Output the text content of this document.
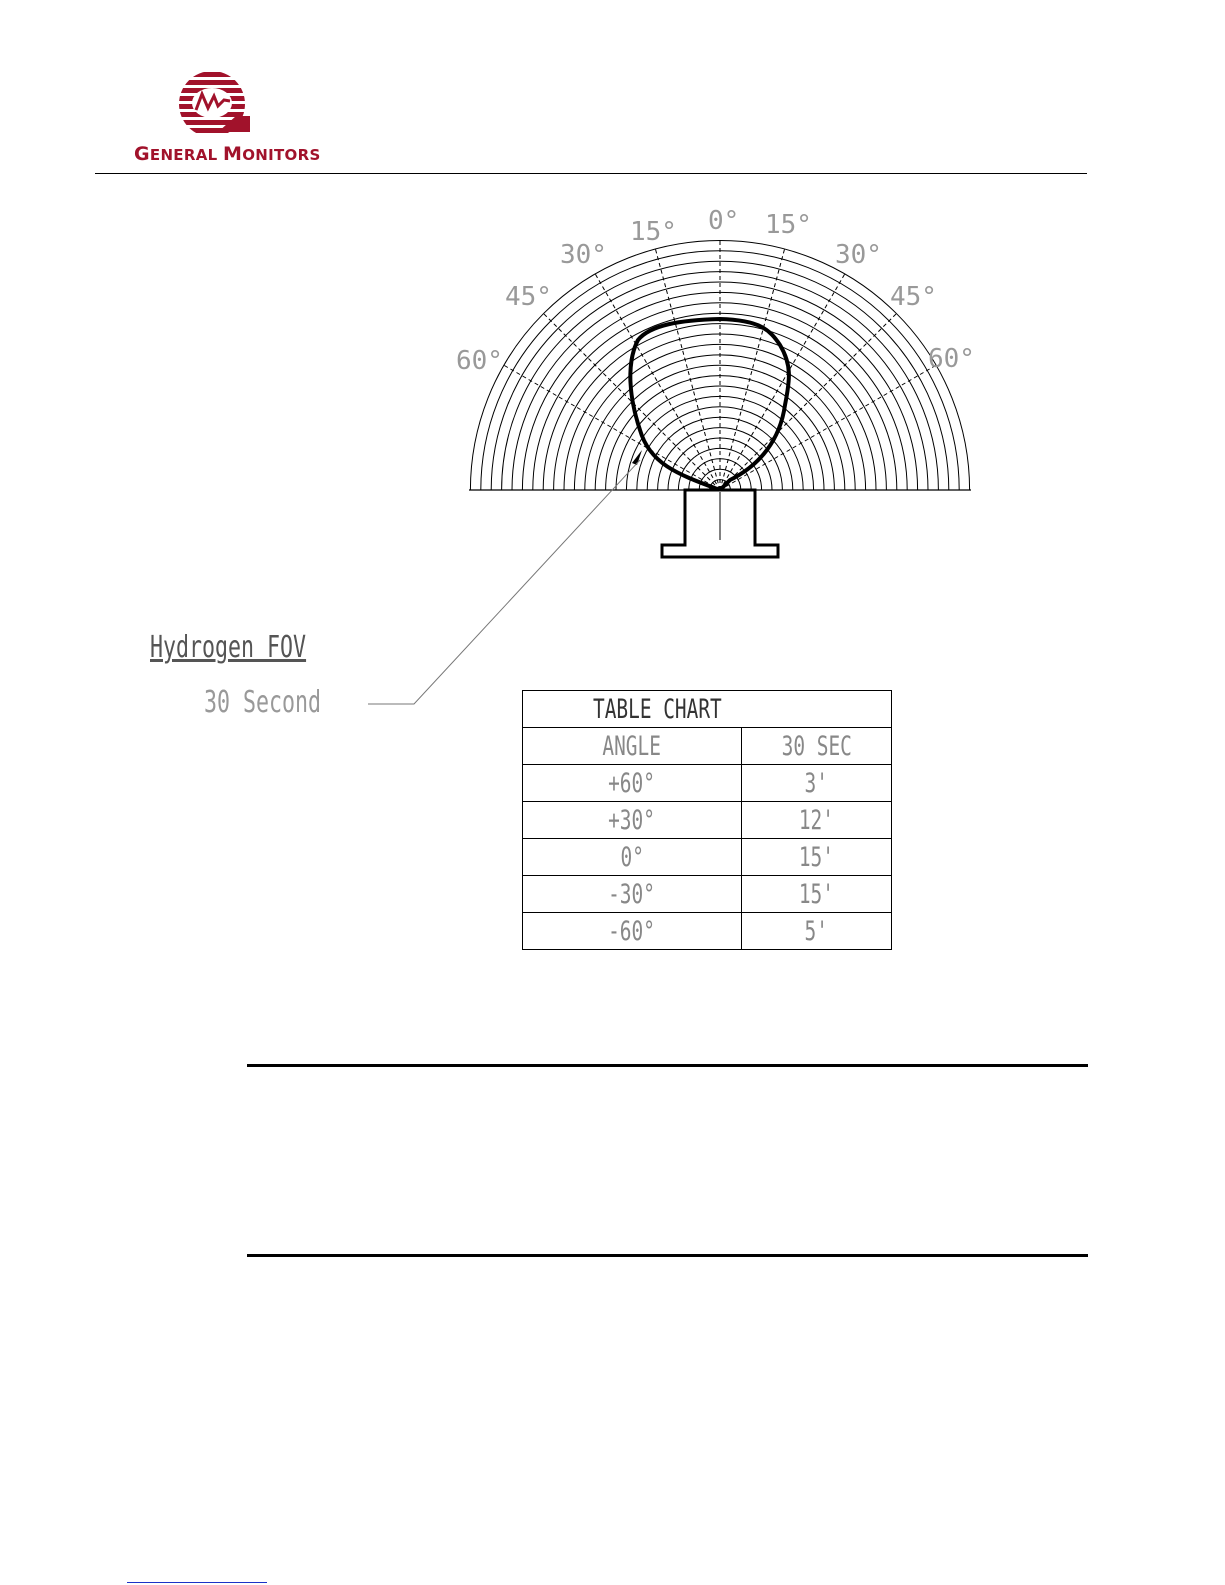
GENERAL MONITORS
60°
45°
30°
15° 0° 15°
30°
45°
60°
Hydrogen FOV
30 Second	TABLE CHART	
ANGLE	30 SEC
+60°	3'
+30°	12'
0°	15'
-30°	15'
-60°	5'
